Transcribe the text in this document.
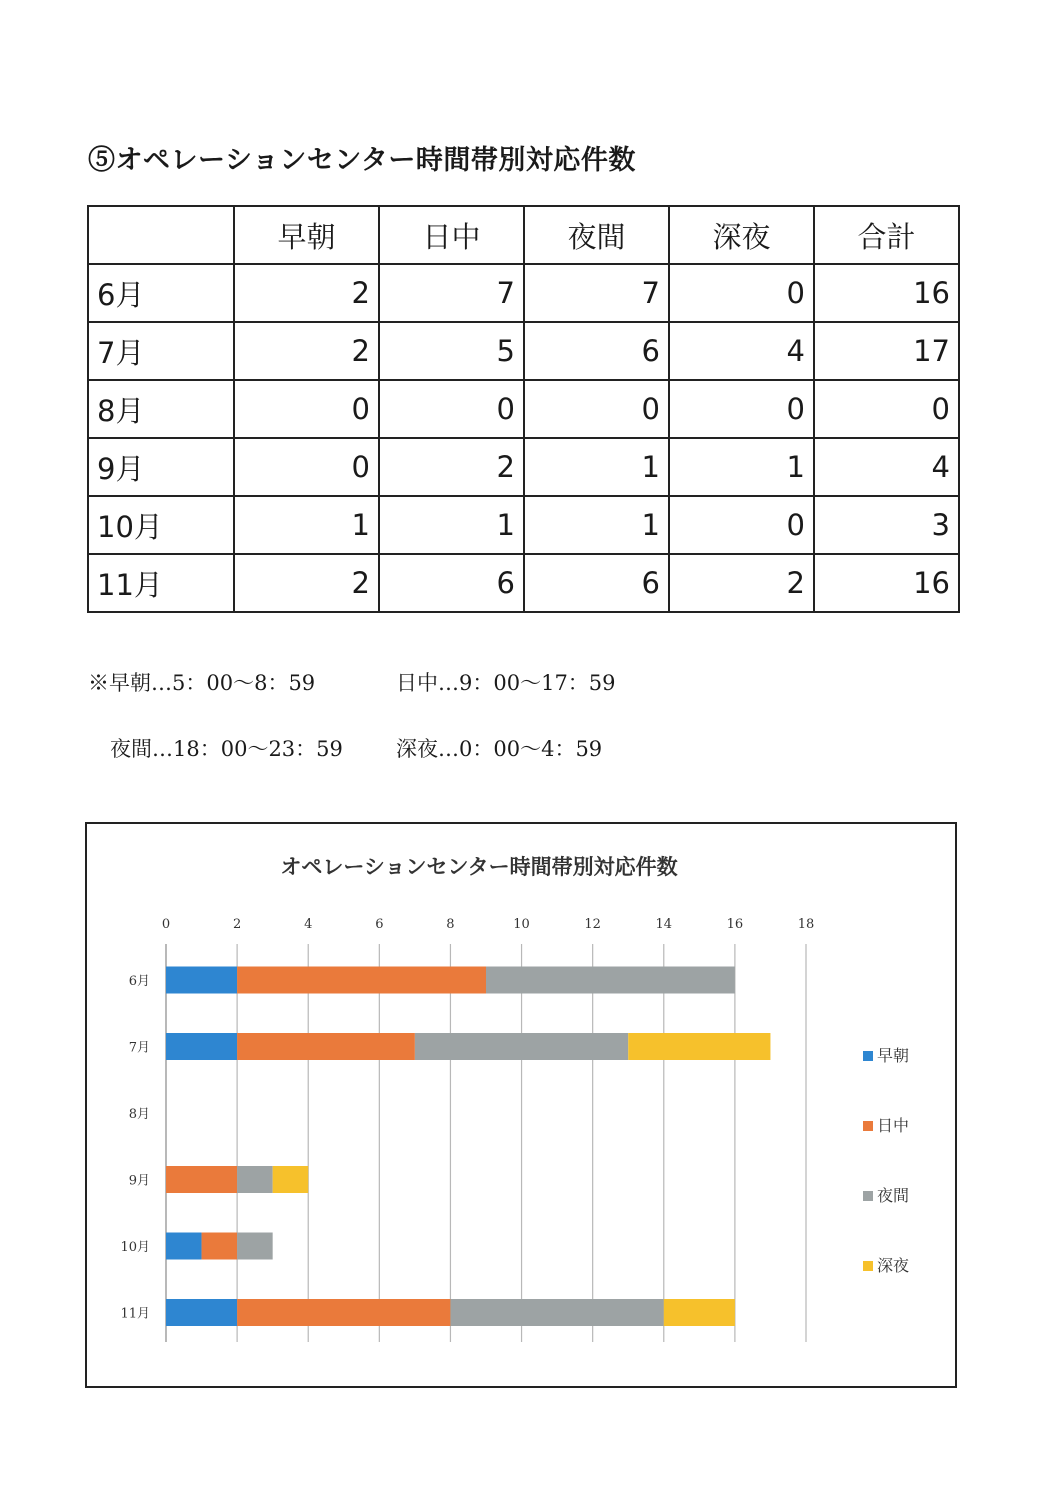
⑤オペレーションセンター時間帯別対応件数
	早朝	日中	夜間	深夜	合計
6月	2	7	7	0	16
7月	2	5	6	4	17
8月	0	0	0	0	0
9月	0	2	1	1	4
10月	1	1	1	0	3
11月	2	6	6	2	16
※早朝…5：00～8：59	日中…9：00～17：59
夜間…18：00～23：59	深夜…0：00～4：59
オペレーションセンター時間帯別対応件数
0	2	4	6	8	10	12	14	16	18
6月
7月
8月
9月
10月
11月
早朝
日中
夜間
深夜
